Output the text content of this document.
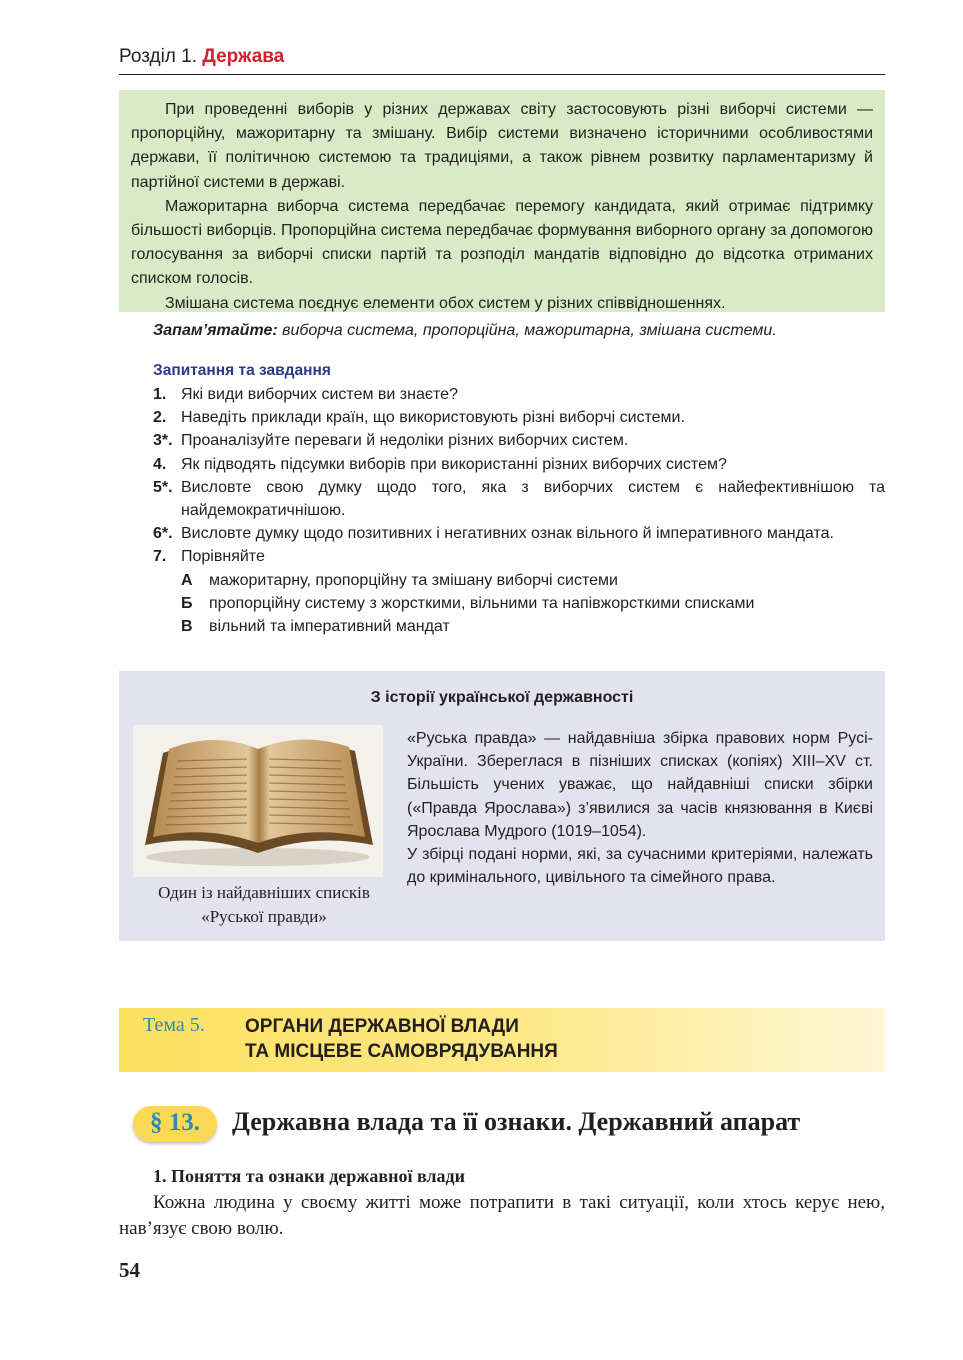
Розділ 1. Держава

При проведенні виборів у різних державах світу застосовують різні виборчі системи — пропорційну, мажоритарну та змішану. Вибір системи визначено історичними особливостями держави, її політичною системою та традиціями, а також рівнем розвитку парламентаризму й партійної системи в державі.

Мажоритарна виборча система передбачає перемогу кандидата, який отримає підтримку більшості виборців. Пропорційна система передбачає формування виборного органу за допомогою голосування за виборчі списки партій та розподіл мандатів відповідно до відсотка отриманих списком голосів.

Змішана система поєднує елементи обох систем у різних співвідношеннях.

Запам’ятайте: виборча система, пропорційна, мажоритарна, змішана системи.
Запитання та завдання
1. Які види виборчих систем ви знаєте?
2. Наведіть приклади країн, що використовують різні виборчі системи.
3*. Проаналізуйте переваги й недоліки різних виборчих систем.
4. Як підводять підсумки виборів при використанні різних виборчих систем?
5*. Висловте свою думку щодо того, яка з виборчих систем є найефективнішою та найдемократичнішою.
6*. Висловте думку щодо позитивних і негативних ознак вільного й імперативного мандата.
7. Порівняйте
А	мажоритарну, пропорційну та змішану виборчі системи
Б	пропорційну систему з жорсткими, вільними та напівжорсткими списками
В	вільний та імперативний мандат
З історії української державності
Один із найдавніших списків
«Руської правди»
«Руська правда» — найдавніша збірка правових норм Русі-України. Збереглася в пізніших списках (копіях) XIII–XV ст. Більшість учених уважає, що найдавніші списки збірки («Правда Ярослава») з’явилися за часів князювання в Києві Ярослава Мудрого (1019–1054).
У збірці подані норми, які, за сучасними критеріями, належать до кримінального, цивільного та сімейного права.
Тема 5. ОРГАНИ ДЕРЖАВНОЇ ВЛАДИ
ТА МІСЦЕВЕ САМОВРЯДУВАННЯ
§ 13.	Державна влада та її ознаки. Державний апарат
1. Поняття та ознаки державної влади

Кожна людина у своєму житті може потрапити в такі ситуації, коли хтось керує нею, нав’язує свою волю.

54
